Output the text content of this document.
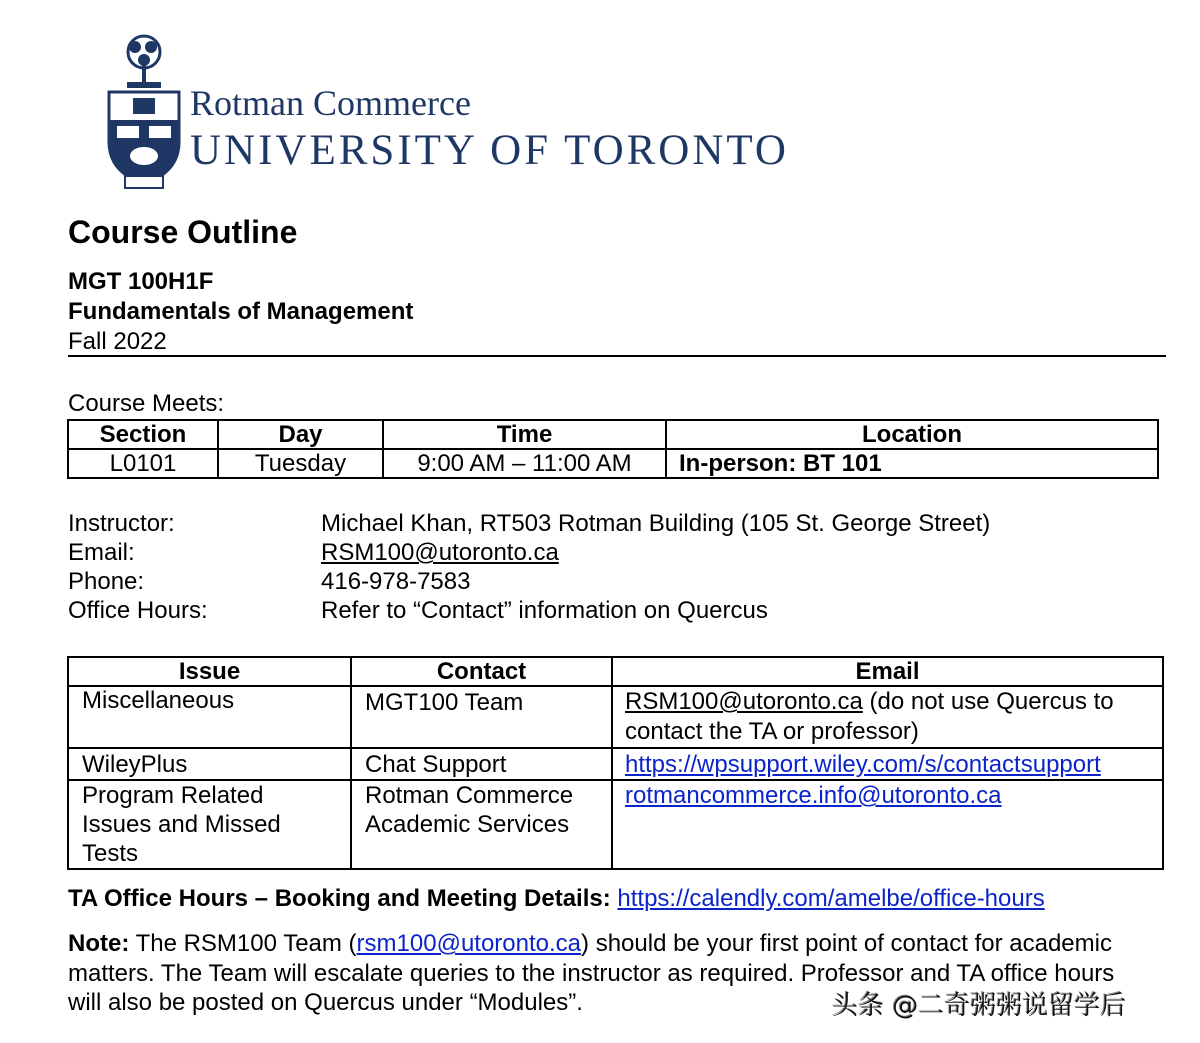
Rotman Commerce
UNIVERSITY OF TORONTO
Course Outline
MGT 100H1F
Fundamentals of Management
Fall 2022
Course Meets:
Section	Day	Time	Location
L0101	Tuesday	9:00 AM – 11:00 AM	In-person: BT 101
Instructor:	Michael Khan, RT503 Rotman Building (105 St. George Street)
Email:	RSM100@utoronto.ca
Phone:	416-978-7583
Office Hours:	Refer to “Contact” information on Quercus
Issue	Contact	Email
Miscellaneous	MGT100 Team	RSM100@utoronto.ca (do not use Quercus to contact the TA or professor)
WileyPlus	Chat Support	https://wpsupport.wiley.com/s/contactsupport
Program Related Issues and Missed Tests	Rotman Commerce Academic Services	rotmancommerce.info@utoronto.ca
TA Office Hours – Booking and Meeting Details: https://calendly.com/amelbe/office-hours
Note: The RSM100 Team (rsm100@utoronto.ca) should be your first point of contact for academic matters. The Team will escalate queries to the instructor as required. Professor and TA office hours will also be posted on Quercus under “Modules”.	头条 @二奇粥粥说留学后
